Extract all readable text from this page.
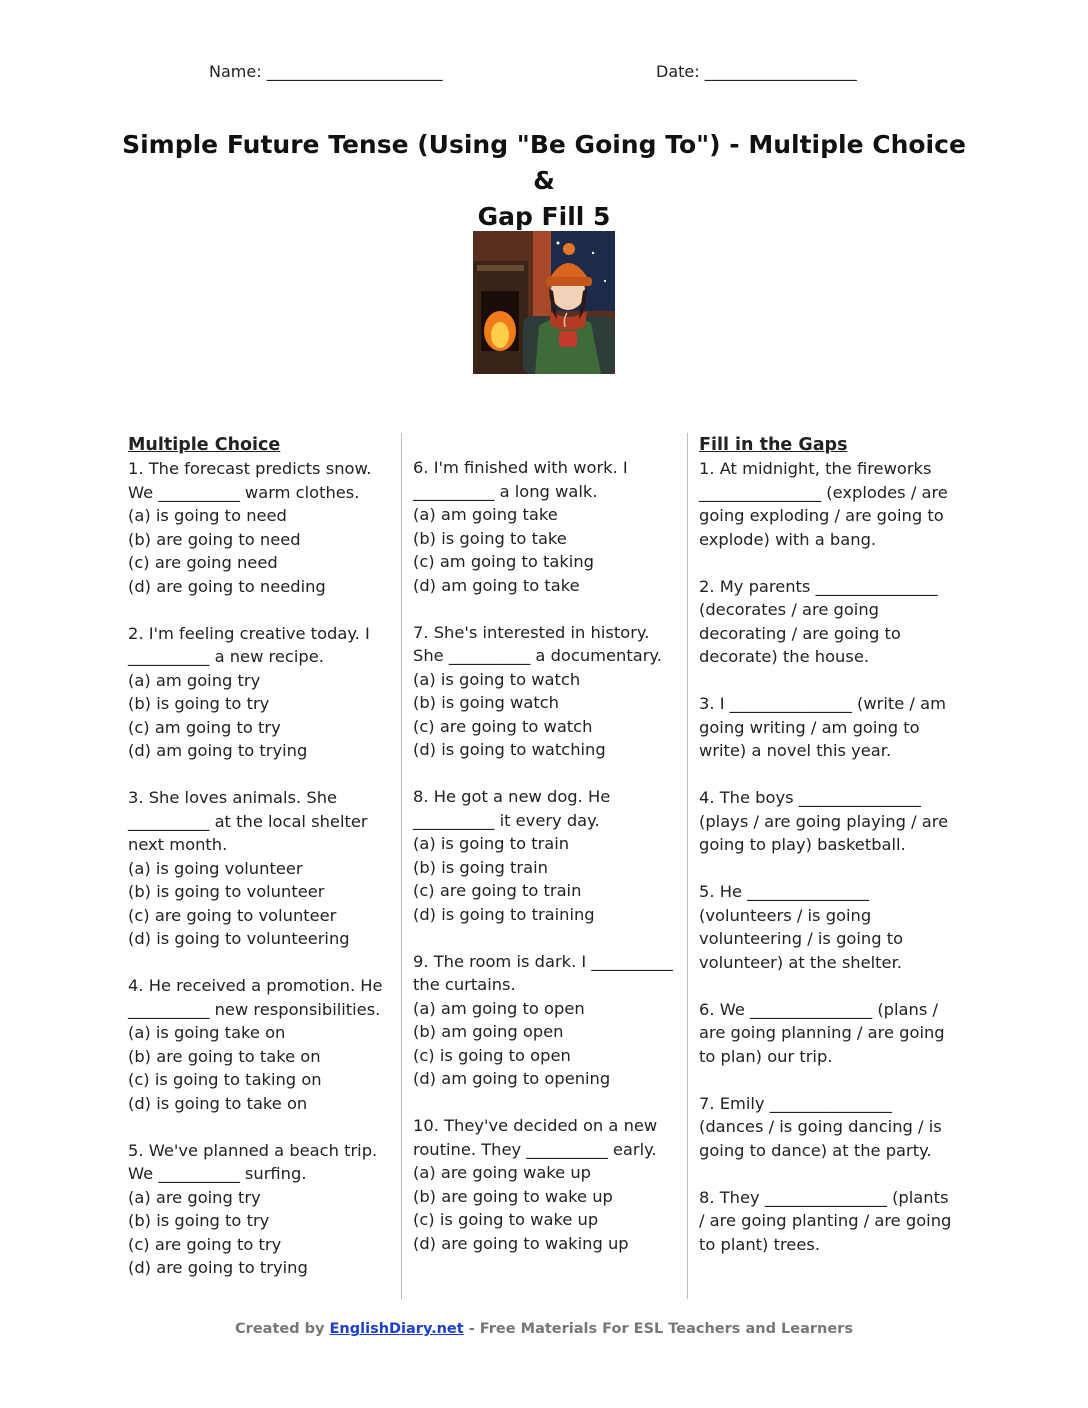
Name: ______________________	Date: ___________________
Simple Future Tense (Using "Be Going To") - Multiple Choice &
Gap Fill 5
Multiple Choice
1. The forecast predicts snow.
We __________ warm clothes.
(a) is going to need
(b) are going to need
(c) are going need
(d) are going to needing
2. I'm feeling creative today. I
__________ a new recipe.
(a) am going try
(b) is going to try
(c) am going to try
(d) am going to trying
3. She loves animals. She
__________ at the local shelter
next month.
(a) is going volunteer
(b) is going to volunteer
(c) are going to volunteer
(d) is going to volunteering
4. He received a promotion. He
__________ new responsibilities.
(a) is going take on
(b) are going to take on
(c) is going to taking on
(d) is going to take on
5. We've planned a beach trip.
We __________ surfing.
(a) are going try
(b) is going to try
(c) are going to try
(d) are going to trying
6. I'm finished with work. I
__________ a long walk.
(a) am going take
(b) is going to take
(c) am going to taking
(d) am going to take
7. She's interested in history.
She __________ a documentary.
(a) is going to watch
(b) is going watch
(c) are going to watch
(d) is going to watching
8. He got a new dog. He
__________ it every day.
(a) is going to train
(b) is going train
(c) are going to train
(d) is going to training
9. The room is dark. I __________
the curtains.
(a) am going to open
(b) am going open
(c) is going to open
(d) am going to opening
10. They've decided on a new
routine. They __________ early.
(a) are going wake up
(b) are going to wake up
(c) is going to wake up
(d) are going to waking up
Fill in the Gaps
1. At midnight, the fireworks
_______________ (explodes / are
going exploding / are going to
explode) with a bang.
2. My parents _______________
(decorates / are going
decorating / are going to
decorate) the house.
3. I _______________ (write / am
going writing / am going to
write) a novel this year.
4. The boys _______________
(plays / are going playing / are
going to play) basketball.
5. He _______________
(volunteers / is going
volunteering / is going to
volunteer) at the shelter.
6. We _______________ (plans /
are going planning / are going
to plan) our trip.
7. Emily _______________
(dances / is going dancing / is
going to dance) at the party.
8. They _______________ (plants
/ are going planting / are going
to plant) trees.
Created by EnglishDiary.net - Free Materials For ESL Teachers and Learners
